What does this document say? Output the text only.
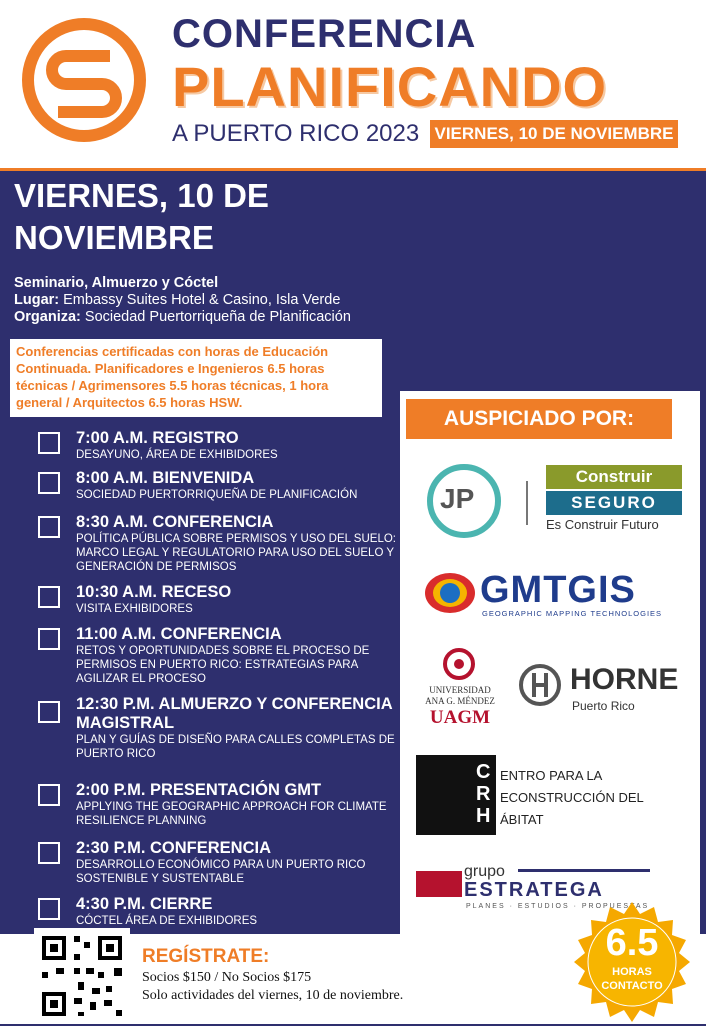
CONFERENCIA
PLANIFICANDO
A PUERTO RICO 2023 VIERNES, 10 DE NOVIEMBRE
VIERNES, 10 DE NOVIEMBRE
Seminario, Almuerzo y Cóctel
Lugar: Embassy Suites Hotel & Casino, Isla Verde
Organiza: Sociedad Puertorriqueña de Planificación
Conferencias certificadas con horas de Educación Continuada. Planificadores e Ingenieros 6.5 horas técnicas / Agrimensores 5.5 horas técnicas, 1 hora general / Arquitectos 6.5 horas HSW.
7:00 A.M. REGISTRO
DESAYUNO, ÁREA DE EXHIBIDORES
8:00 A.M. BIENVENIDA
SOCIEDAD PUERTORRIQUEÑA DE PLANIFICACIÓN
8:30 A.M. CONFERENCIA
POLÍTICA PÚBLICA SOBRE PERMISOS Y USO DEL SUELO: MARCO LEGAL Y REGULATORIO PARA USO DEL SUELO Y GENERACIÓN DE PERMISOS
10:30 A.M. RECESO
VISITA EXHIBIDORES
11:00 A.M. CONFERENCIA
RETOS Y OPORTUNIDADES SOBRE EL PROCESO DE PERMISOS EN PUERTO RICO: ESTRATEGIAS PARA AGILIZAR EL PROCESO
12:30 P.M. ALMUERZO Y CONFERENCIA MAGISTRAL
PLAN Y GUÍAS DE DISEÑO PARA CALLES COMPLETAS DE PUERTO RICO
2:00 P.M. PRESENTACIÓN GMT
APPLYING THE GEOGRAPHIC APPROACH FOR CLIMATE RESILIENCE PLANNING
2:30 P.M. CONFERENCIA
DESARROLLO ECONÓMICO PARA UN PUERTO RICO SOSTENIBLE Y SUSTENTABLE
4:30 P.M. CIERRE
CÓCTEL ÁREA DE EXHIBIDORES
AUSPICIADO POR:
JP
Construir
SEGURO
Es Construir Futuro
GMTGIS
GEOGRAPHIC MAPPING TECHNOLOGIES
UNIVERSIDAD
ANA G. MÉNDEZ
UAGM
HORNE
Puerto Rico
C
R
H
ENTRO PARA LA
ECONSTRUCCIÓN DEL
ÁBITAT
grupo
ESTRATEGA
PLANES · ESTUDIOS · PROPUESTAS
REGÍSTRATE:
Socios $150 / No Socios $175
Solo actividades del viernes, 10 de noviembre.
6.5
HORAS
CONTACTO
